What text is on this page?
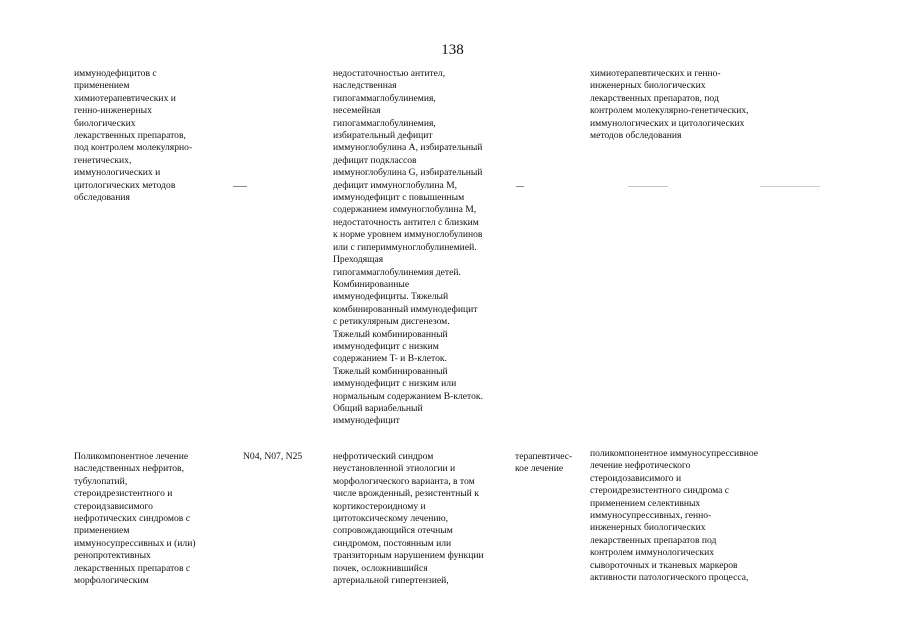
138
иммунодефицитов с
применением
химиотерапевтических и
генно-инженерных
биологических
лекарственных препаратов,
под контролем молекулярно-
генетических,
иммунологических и
цитологических методов
обследования
недостаточностью антител,
наследственная
гипогаммаглобулинемия,
несемейная
гипогаммаглобулинемия,
избирательный дефицит
иммуноглобулина A, избирательный
дефицит подклассов
иммуноглобулина G, избирательный
дефицит иммуноглобулина M,
иммунодефицит с повышенным
содержанием иммуноглобулина M,
недостаточность антител с близким
к норме уровнем иммуноглобулинов
или с гипериммуноглобулинемией.
Преходящая
гипогаммаглобулинемия детей.
Комбинированные
иммунодефициты. Тяжелый
комбинированный иммунодефицит
с ретикулярным дисгенезом.
Тяжелый комбинированный
иммунодефицит с низким
содержанием T- и B-клеток.
Тяжелый комбинированный
иммунодефицит с низким или
нормальным содержанием B-клеток.
Общий вариабельный
иммунодефицит
химиотерапевтических и генно-
инженерных биологических
лекарственных препаратов, под
контролем молекулярно-генетических,
иммунологических и цитологических
методов обследования
Поликомпонентное лечение
наследственных нефритов,
тубулопатий,
стероидрезистентного и
стероидзависимого
нефротических синдромов с
применением
иммуносупрессивных и (или)
ренопротективных
лекарственных препаратов с
морфологическим
N04, N07, N25	нефротический синдром
неустановленной этиологии и
морфологического варианта, в том
числе врожденный, резистентный к
кортикостероидному и
цитотоксическому лечению,
сопровождающийся отечным
синдромом, постоянным или
транзиторным нарушением функции
почек, осложнившийся
артериальной гипертензией,
терапевтичес-
кое лечение
поликомпонентное иммуносупрессивное
лечение нефротического
стероидозависимого и
стероидрезистентного синдрома с
применением селективных
иммуносупрессивных, генно-
инженерных биологических
лекарственных препаратов под
контролем иммунологических
сывороточных и тканевых маркеров
активности патологического процесса,
